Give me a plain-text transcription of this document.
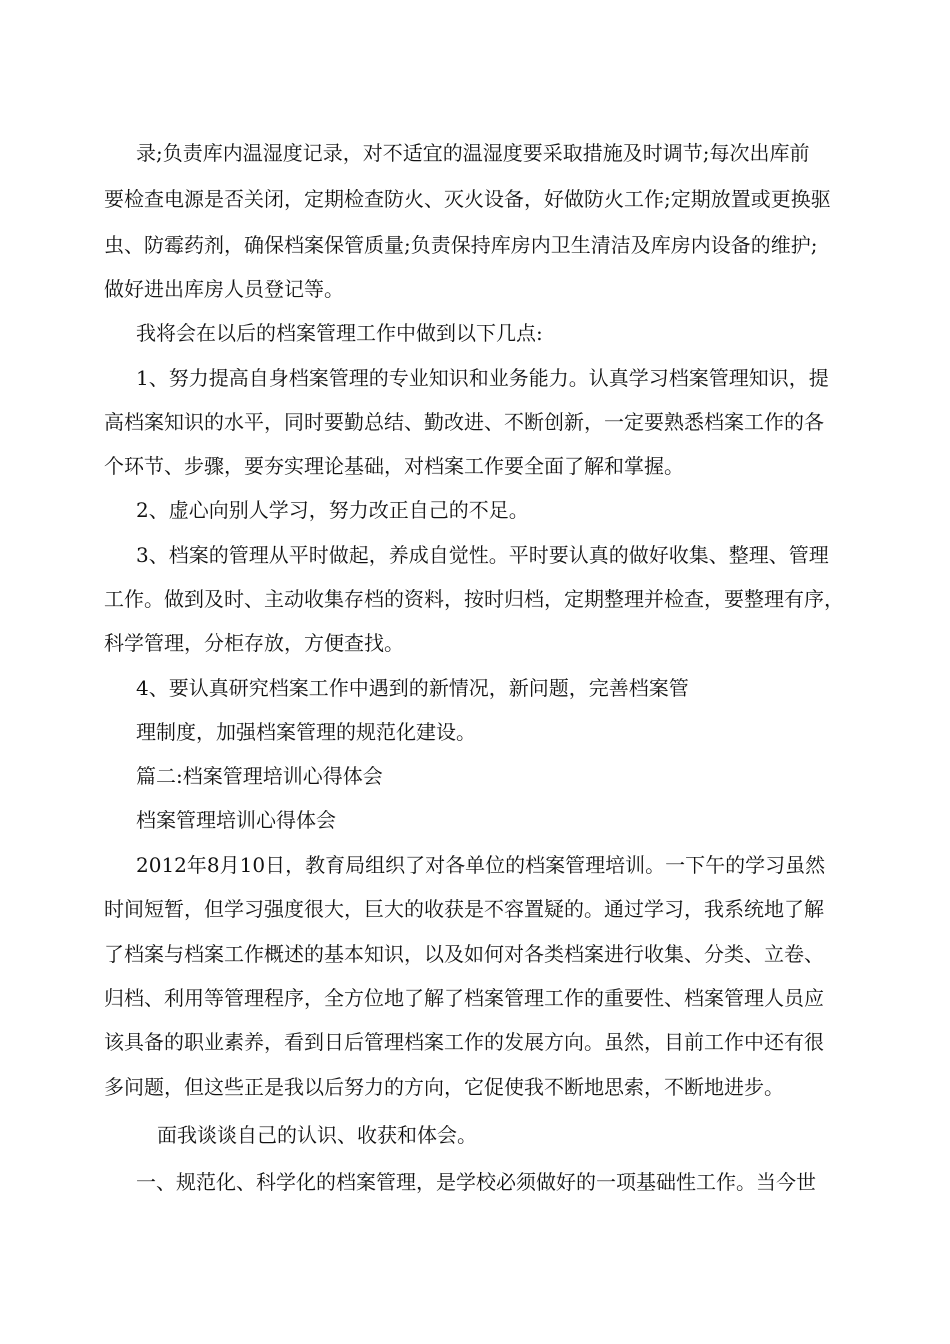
录;负责库内温湿度记录，对不适宜的温湿度要采取措施及时调节;每次出库前
要检查电源是否关闭，定期检查防火、灭火设备，好做防火工作;定期放置或更换驱
虫、防霉药剂，确保档案保管质量;负责保持库房内卫生清洁及库房内设备的维护;
做好进出库房人员登记等。
我将会在以后的档案管理工作中做到以下几点:
1、努力提高自身档案管理的专业知识和业务能力。认真学习档案管理知识，提
高档案知识的水平，同时要勤总结、勤改进、不断创新，一定要熟悉档案工作的各
个环节、步骤，要夯实理论基础，对档案工作要全面了解和掌握。
2、虚心向别人学习，努力改正自己的不足。
3、档案的管理从平时做起，养成自觉性。平时要认真的做好收集、整理、管理
工作。做到及时、主动收集存档的资料，按时归档，定期整理并检查，要整理有序，
科学管理，分柜存放，方便查找。
4、要认真研究档案工作中遇到的新情况，新问题，完善档案管
理制度，加强档案管理的规范化建设。
篇二:档案管理培训心得体会
档案管理培训心得体会
2012年8月10日，教育局组织了对各单位的档案管理培训。一下午的学习虽然
时间短暂，但学习强度很大，巨大的收获是不容置疑的。通过学习，我系统地了解
了档案与档案工作概述的基本知识，以及如何对各类档案进行收集、分类、立卷、
归档、利用等管理程序，全方位地了解了档案管理工作的重要性、档案管理人员应
该具备的职业素养，看到日后管理档案工作的发展方向。虽然，目前工作中还有很
多问题，但这些正是我以后努力的方向，它促使我不断地思索，不断地进步。
面我谈谈自己的认识、收获和体会。
一、规范化、科学化的档案管理，是学校必须做好的一项基础性工作。当今世
